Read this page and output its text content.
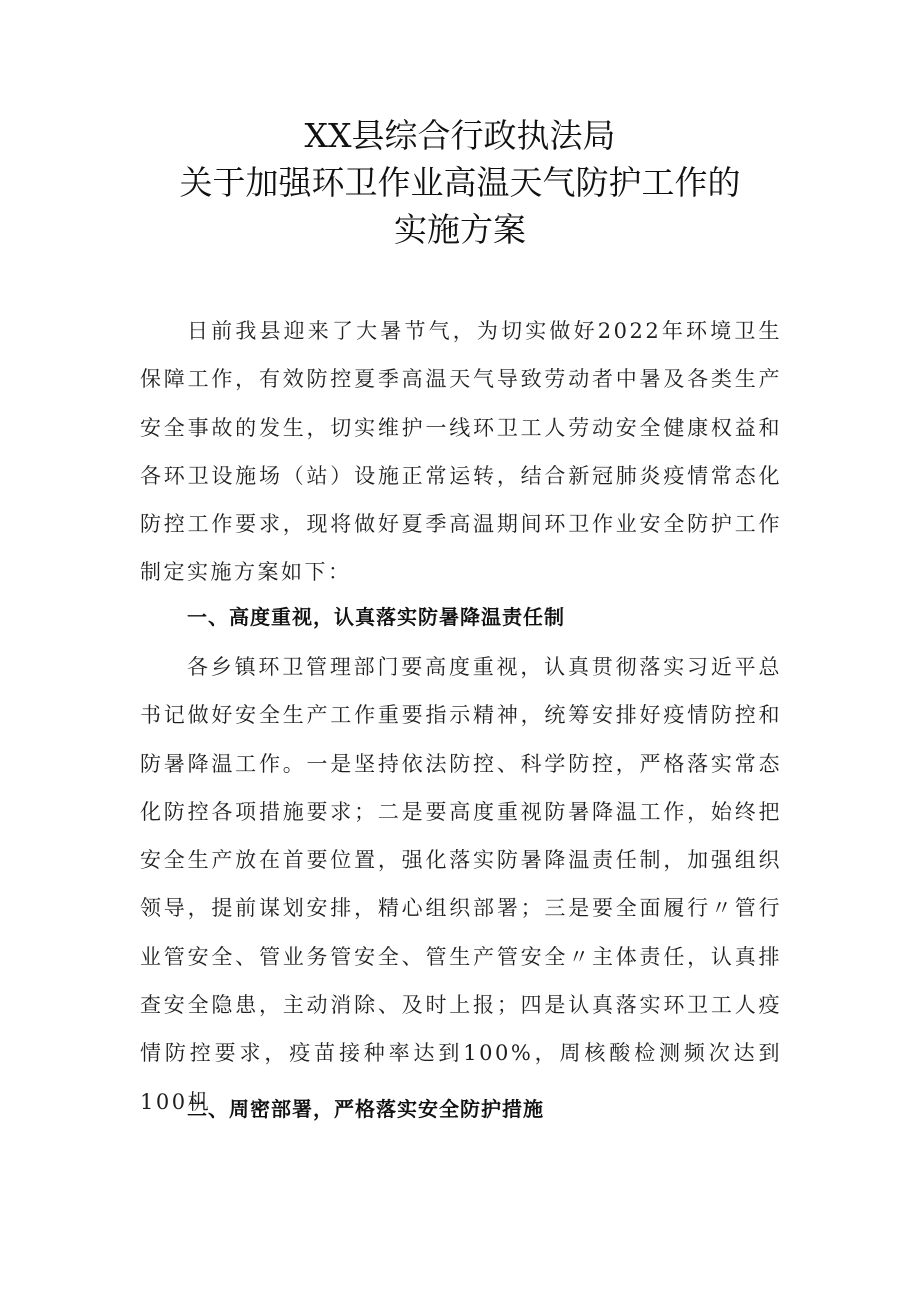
XX县综合行政执法局
关于加强环卫作业高温天气防护工作的
实施方案

日前我县迎来了大暑节气，为切实做好2022年环境卫生保障工作，有效防控夏季高温天气导致劳动者中暑及各类生产安全事故的发生，切实维护一线环卫工人劳动安全健康权益和各环卫设施场（站）设施正常运转，结合新冠肺炎疫情常态化防控工作要求，现将做好夏季高温期间环卫作业安全防护工作制定实施方案如下：

一、高度重视，认真落实防暑降温责任制

各乡镇环卫管理部门要高度重视，认真贯彻落实习近平总书记做好安全生产工作重要指示精神，统筹安排好疫情防控和防暑降温工作。一是坚持依法防控、科学防控，严格落实常态化防控各项措施要求；二是要高度重视防暑降温工作，始终把安全生产放在首要位置，强化落实防暑降温责任制，加强组织领导，提前谋划安排，精心组织部署；三是要全面履行〃管行业管安全、管业务管安全、管生产管安全〃主体责任，认真排查安全隐患，主动消除、及时上报；四是认真落实环卫工人疫情防控要求，疫苗接种率达到100%，周核酸检测频次达到100机

二、周密部署，严格落实安全防护措施
